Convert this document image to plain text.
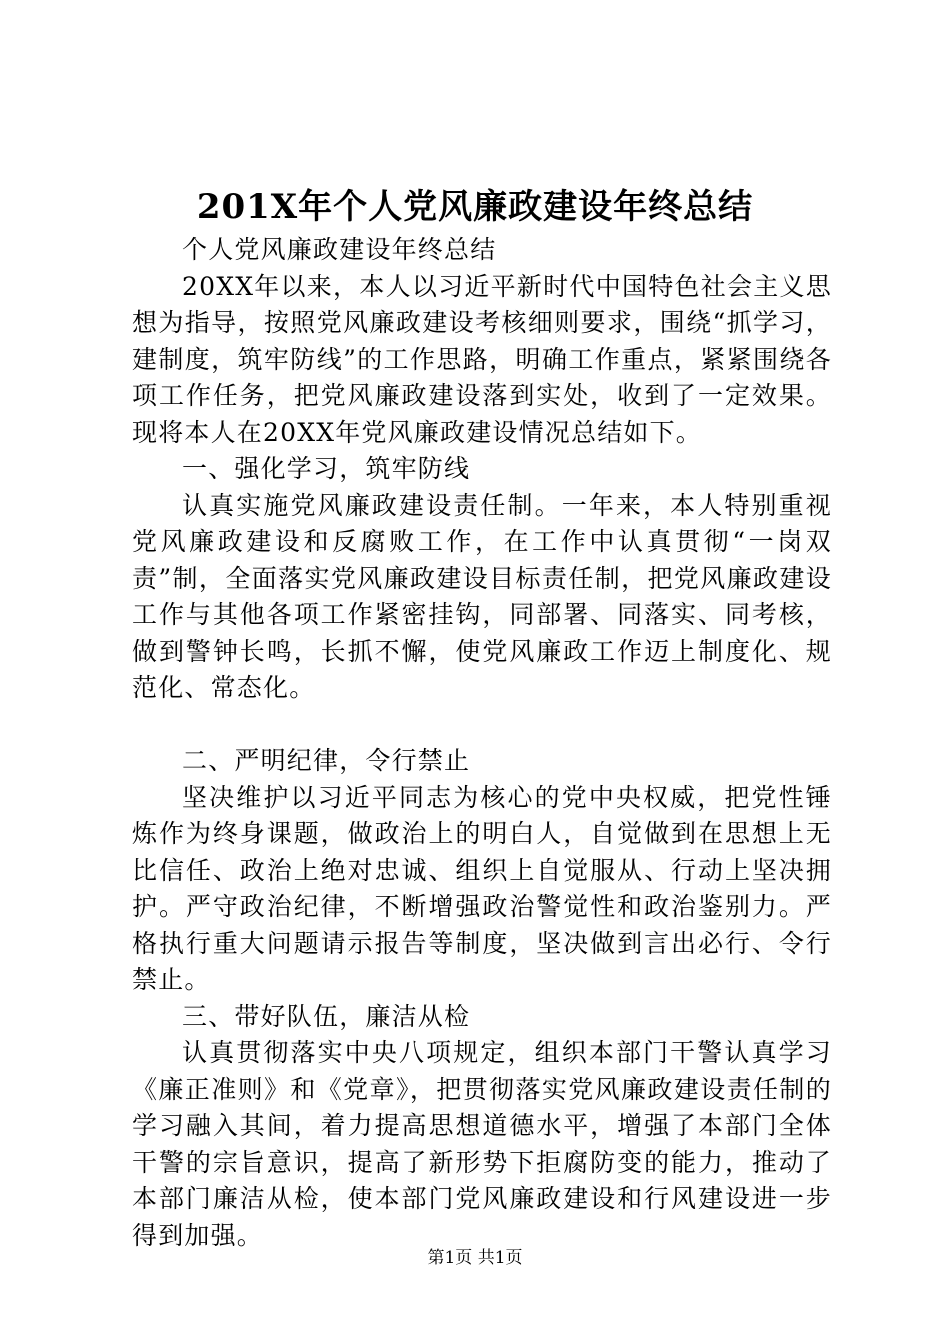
201X年个人党风廉政建设年终总结

个人党风廉政建设年终总结

20XX年以来，本人以习近平新时代中国特色社会主义思想为指导，按照党风廉政建设考核细则要求，围绕“抓学习，建制度，筑牢防线”的工作思路，明确工作重点，紧紧围绕各项工作任务，把党风廉政建设落到实处，收到了一定效果。现将本人在20XX年党风廉政建设情况总结如下。

一、强化学习，筑牢防线

认真实施党风廉政建设责任制。一年来，本人特别重视党风廉政建设和反腐败工作，在工作中认真贯彻“一岗双责”制，全面落实党风廉政建设目标责任制，把党风廉政建设工作与其他各项工作紧密挂钩，同部署、同落实、同考核，做到警钟长鸣，长抓不懈，使党风廉政工作迈上制度化、规范化、常态化。

二、严明纪律，令行禁止

坚决维护以习近平同志为核心的党中央权威，把党性锤炼作为终身课题，做政治上的明白人，自觉做到在思想上无比信任、政治上绝对忠诚、组织上自觉服从、行动上坚决拥护。严守政治纪律，不断增强政治警觉性和政治鉴别力。严格执行重大问题请示报告等制度，坚决做到言出必行、令行禁止。

三、带好队伍，廉洁从检

认真贯彻落实中央八项规定，组织本部门干警认真学习《廉正准则》和《党章》，把贯彻落实党风廉政建设责任制的学习融入其间，着力提高思想道德水平，增强了本部门全体干警的宗旨意识，提高了新形势下拒腐防变的能力，推动了本部门廉洁从检，使本部门党风廉政建设和行风建设进一步得到加强。

第1页 共1页
